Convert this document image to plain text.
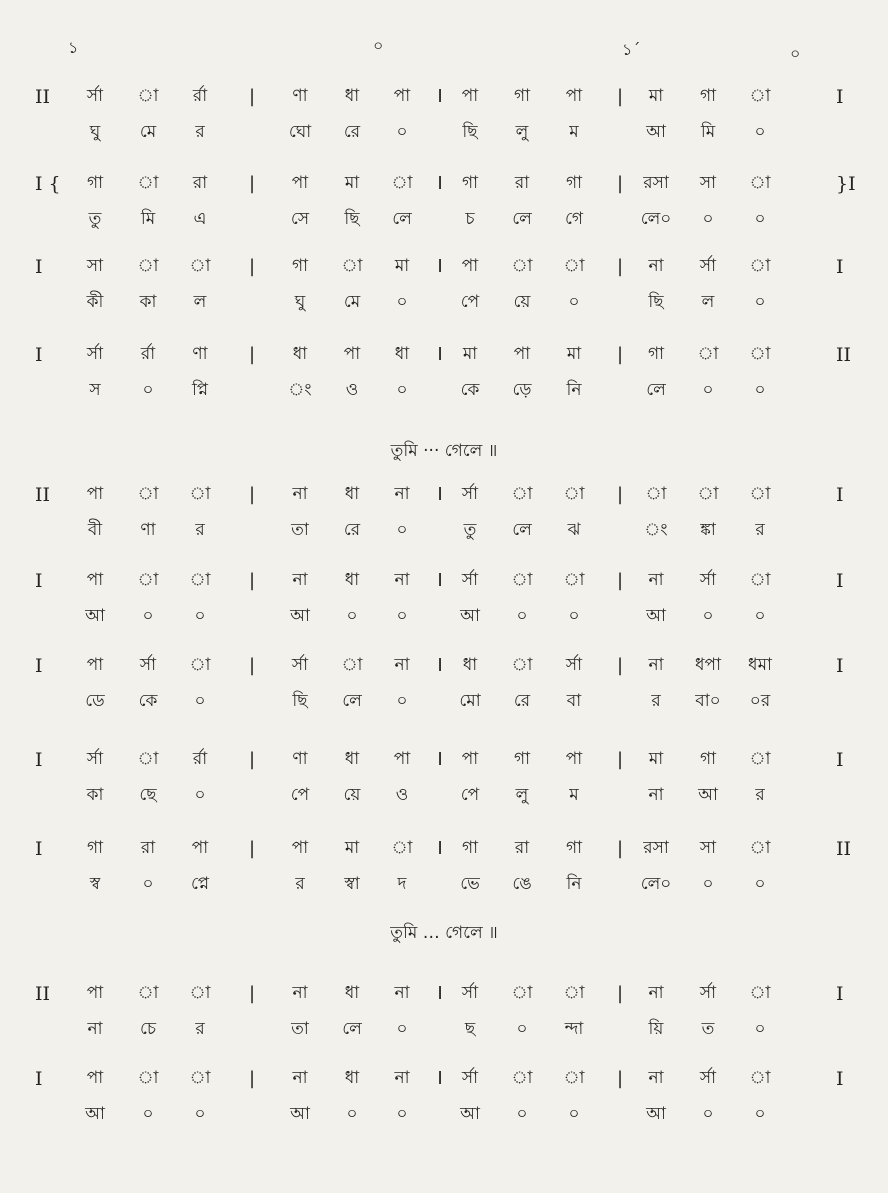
১	০	১´	০
তুমি ··· গেলে ॥
তুমি … গেলে ॥
II	I
র্সা	া	র্রা	ণা	ধা	পা	পা	গা	পা	মা	গা	া
ঘু	মে	র	ঘো	রে	০	ছি	লু	ম	আ	মি	০
|	I	|
I {	}I
গা	া	রা	পা	মা	া	গা	রা	গা	রসা	সা	া
তু	মি	এ	সে	ছি	লে	চ	লে	গে	লে০	০	০
|	I	|
I	I
সা	া	া	গা	া	মা	পা	া	া	না	র্সা	া
কী	কা	ল	ঘু	মে	০	পে	য়ে	০	ছি	ল	০
|	I	|
I	II
র্সা	র্রা	ণা	ধা	পা	ধা	মা	পা	মা	গা	া	া
স	০	প্নি	ং	ও	০	কে	ড়ে	নি	লে	০	০
|	I	|
II	I
পা	া	া	না	ধা	না	র্সা	া	া	া	া	া
বী	ণা	র	তা	রে	০	তু	লে	ঝ	ং	ঙ্কা	র
|	I	|
I	I
পা	া	া	না	ধা	না	র্সা	া	া	না	র্সা	া
আ	০	০	আ	০	০	আ	০	০	আ	০	০
|	I	|
I	I
পা	র্সা	া	র্সা	া	না	ধা	া	র্সা	না	ধপা	ধমা
ডে	কে	০	ছি	লে	০	মো	রে	বা	র	বা০	০র
|	I	|
I	I
র্সা	া	র্রা	ণা	ধা	পা	পা	গা	পা	মা	গা	া
কা	ছে	০	পে	য়ে	ও	পে	লু	ম	না	আ	র
|	I	|
I	II
গা	রা	পা	পা	মা	া	গা	রা	গা	রসা	সা	া
স্ব	০	প্নে	র	স্বা	দ	ভে	ঙে	নি	লে০	০	০
|	I	|
II	I
পা	া	া	না	ধা	না	র্সা	া	া	না	র্সা	া
না	চে	র	তা	লে	০	ছ	০	ন্দা	য়ি	ত	০
|	I	|
I	I
পা	া	া	না	ধা	না	র্সা	া	া	না	র্সা	া
আ	০	০	আ	০	০	আ	০	০	আ	০	০
|	I	|
